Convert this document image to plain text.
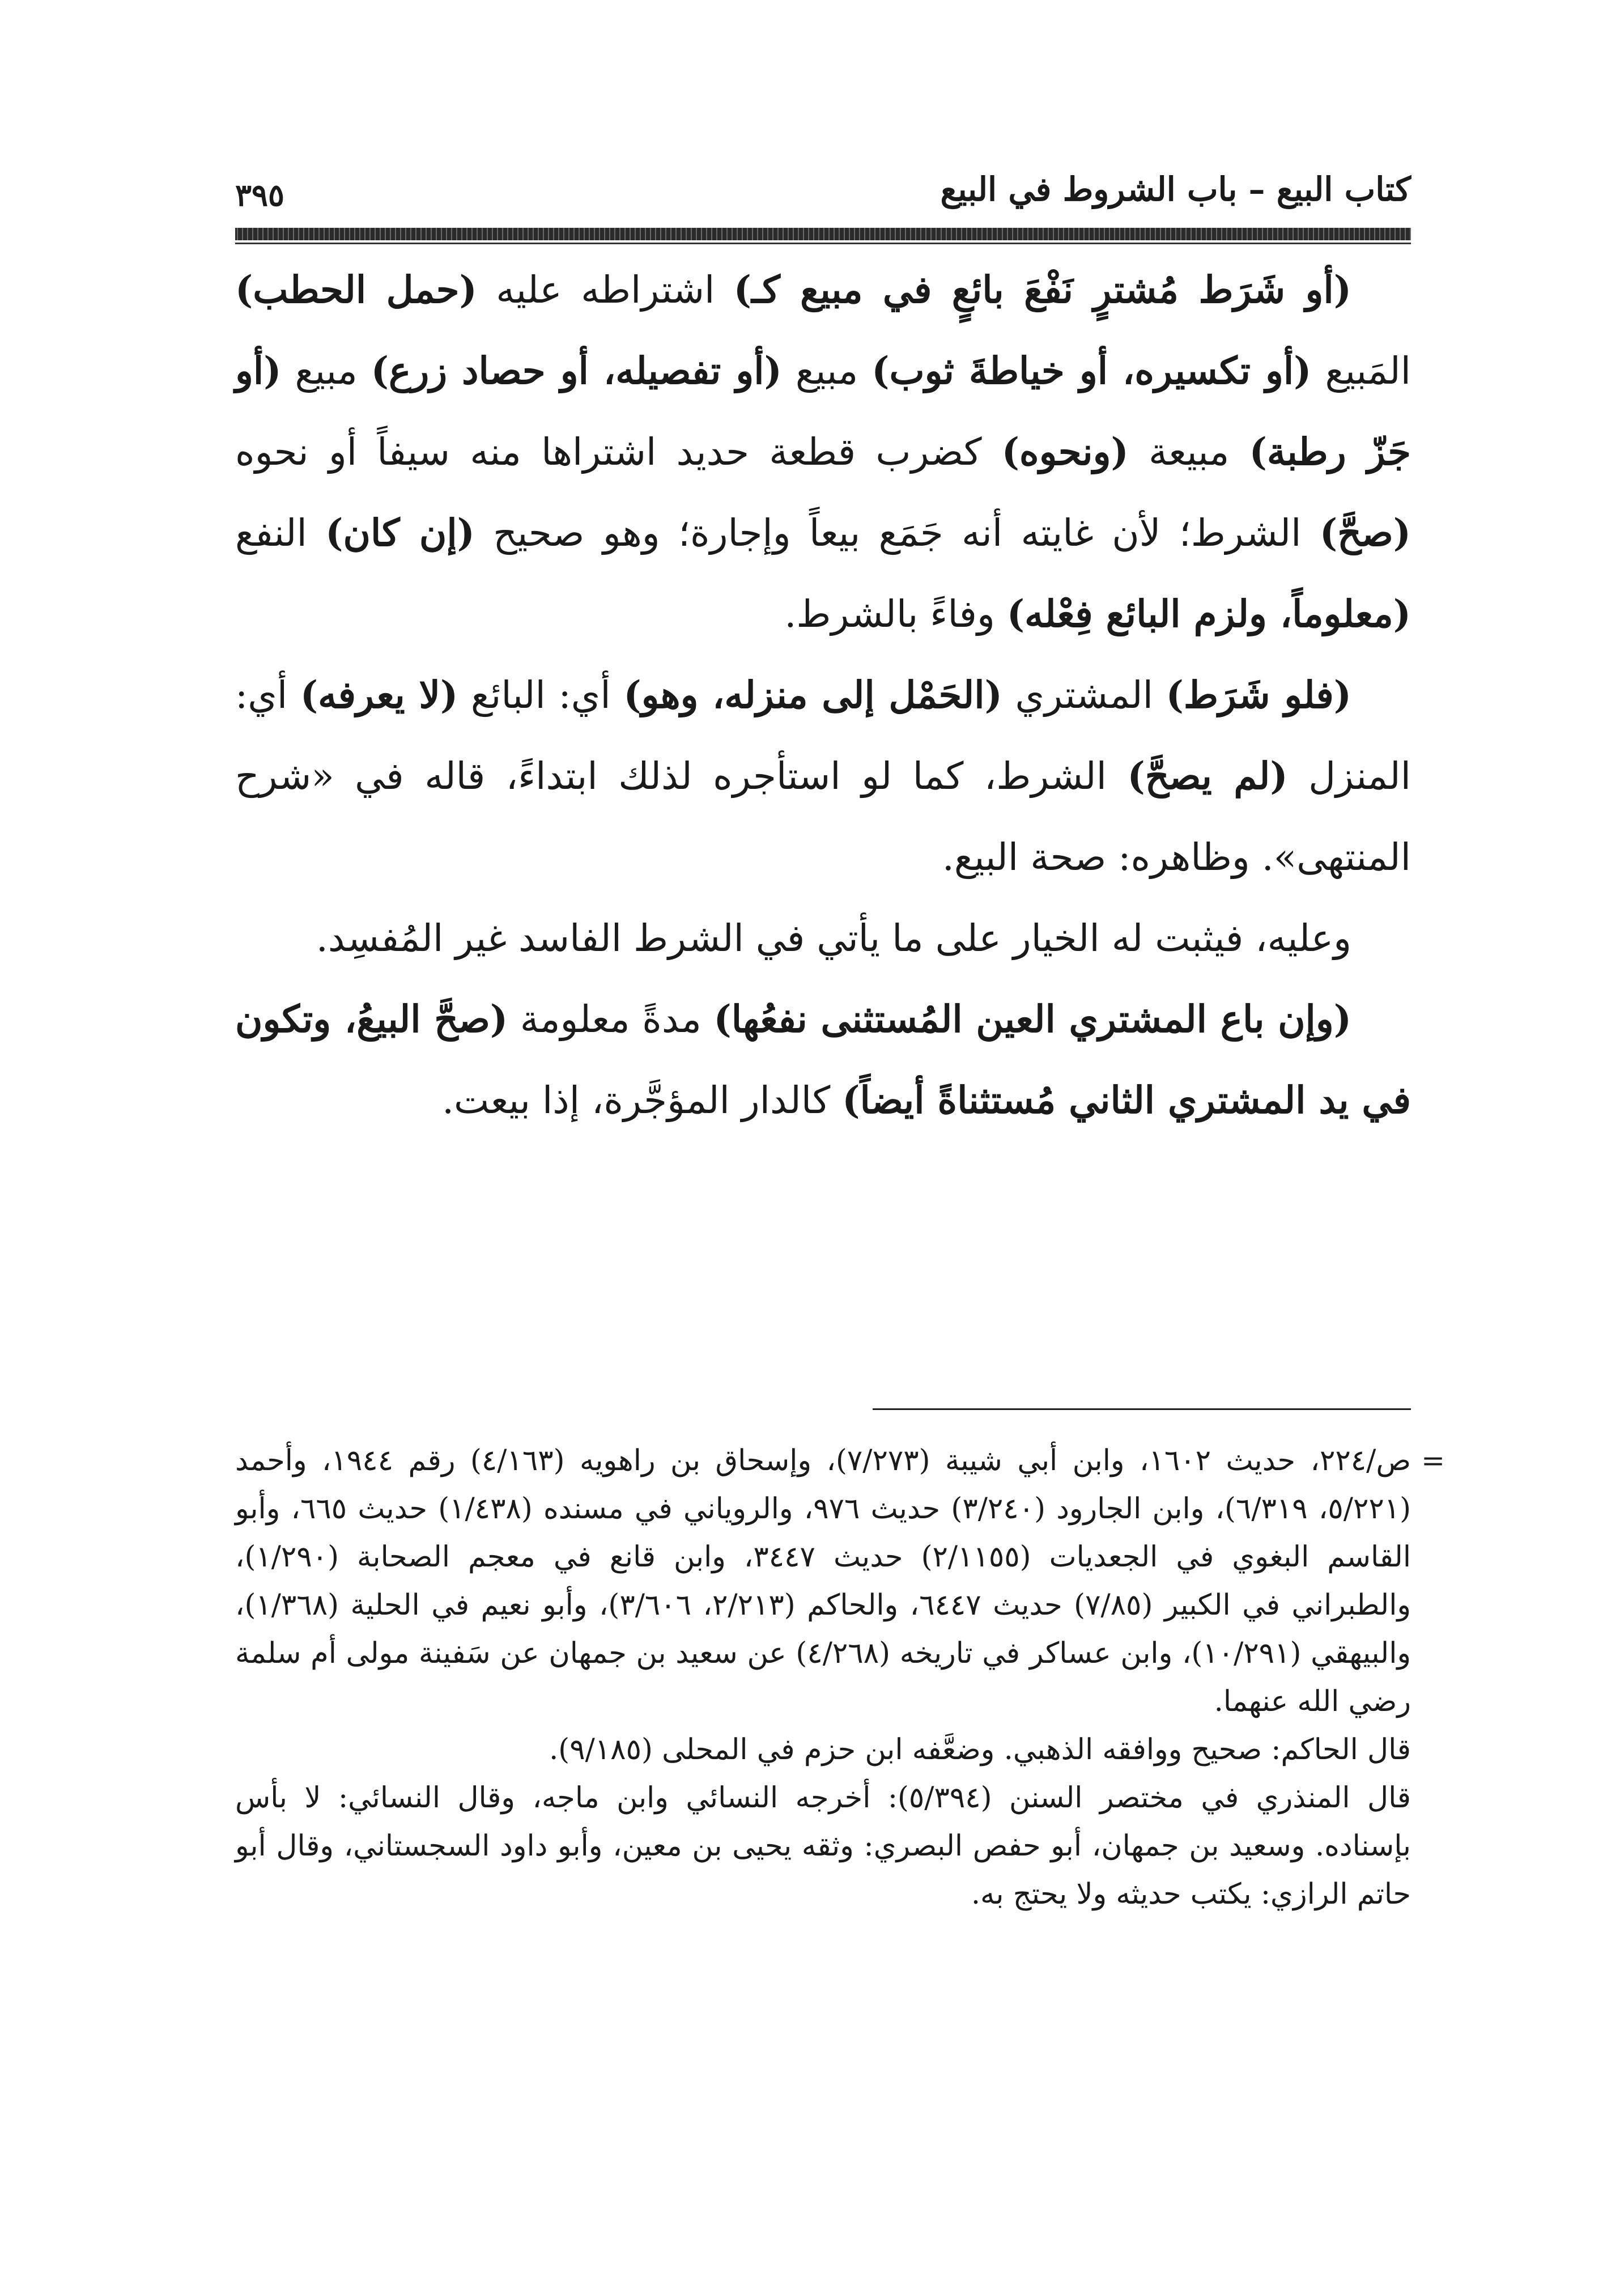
كتاب البيع – باب الشروط في البيع
٣٩٥

(أو شَرَط مُشترٍ نَفْعَ بائعٍ في مبيع كـ) اشتراطه عليه (حمل الحطب) المَبيع (أو تكسيره، أو خياطةَ ثوب) مبيع (أو تفصيله، أو حصاد زرع) مبيع (أو جَزّ رطبة) مبيعة (ونحوه) كضرب قطعة حديد اشتراها منه سيفاً أو نحوه (صحَّ) الشرط؛ لأن غايته أنه جَمَع بيعاً وإجارة؛ وهو صحيح (إن كان) النفع (معلوماً، ولزم البائع فِعْله) وفاءً بالشرط.

(فلو شَرَط) المشتري (الحَمْل إلى منزله، وهو) أي: البائع (لا يعرفه) أي: المنزل (لم يصحَّ) الشرط، كما لو استأجره لذلك ابتداءً، قاله في «شرح المنتهى». وظاهره: صحة البيع.

وعليه، فيثبت له الخيار على ما يأتي في الشرط الفاسد غير المُفسِد.

(وإن باع المشتري العين المُستثنى نفعُها) مدةً معلومة (صحَّ البيعُ، وتكون في يد المشتري الثاني مُستثناةً أيضاً) كالدار المؤجَّرة، إذا بيعت.

=

ص/٢٢٤، حديث ١٦٠٢، وابن أبي شيبة (٧/٢٧٣)، وإسحاق بن راهويه (٤/١٦٣) رقم ١٩٤٤، وأحمد (٥/٢٢١، ٦/٣١٩)، وابن الجارود (٣/٢٤٠) حديث ٩٧٦، والروياني في مسنده (١/٤٣٨) حديث ٦٦٥، وأبو القاسم البغوي في الجعديات (٢/١١٥٥) حديث ٣٤٤٧، وابن قانع في معجم الصحابة (١/٢٩٠)، والطبراني في الكبير (٧/٨٥) حديث ٦٤٤٧، والحاكم (٢/٢١٣، ٣/٦٠٦)، وأبو نعيم في الحلية (١/٣٦٨)، والبيهقي (١٠/٢٩١)، وابن عساكر في تاريخه (٤/٢٦٨) عن سعيد بن جمهان عن سَفينة مولى أم سلمة رضي الله عنهما.

قال الحاكم: صحيح ووافقه الذهبي. وضعَّفه ابن حزم في المحلى (٩/١٨٥).

قال المنذري في مختصر السنن (٥/٣٩٤): أخرجه النسائي وابن ماجه، وقال النسائي: لا بأس بإسناده. وسعيد بن جمهان، أبو حفص البصري: وثقه يحيى بن معين، وأبو داود السجستاني، وقال أبو حاتم الرازي: يكتب حديثه ولا يحتج به.
